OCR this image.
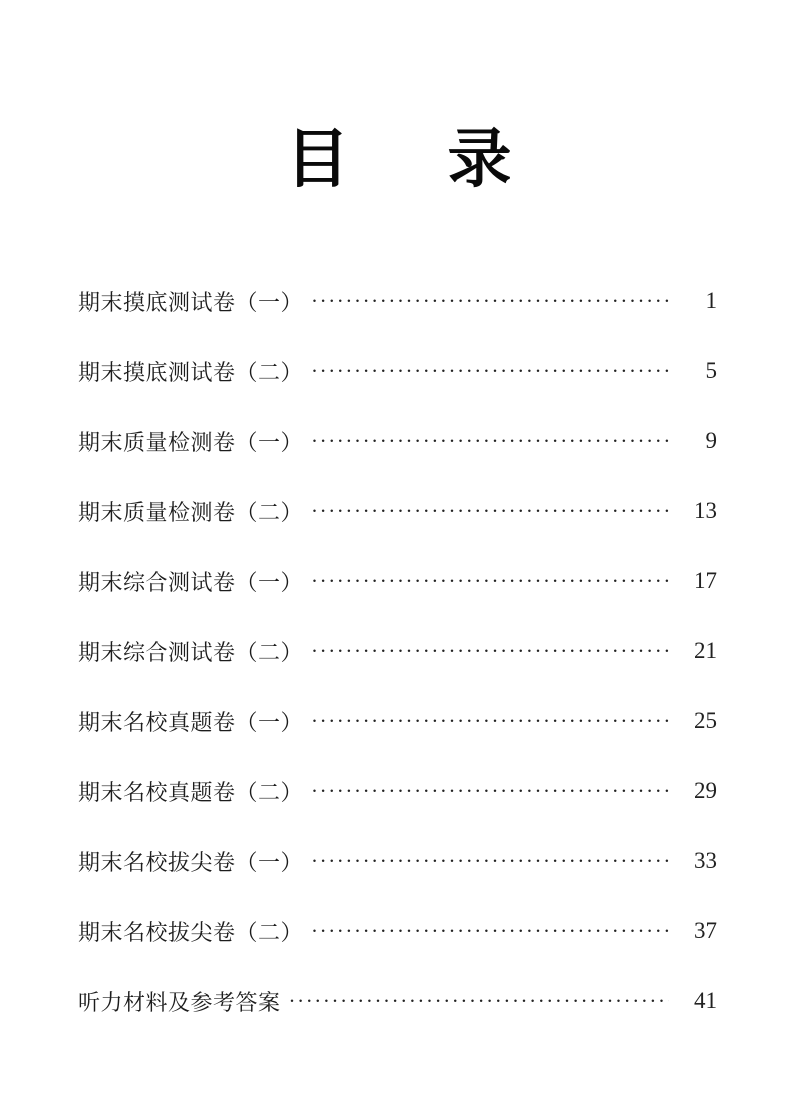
目 录
期末摸底测试卷（一） ·····	1
期末摸底测试卷（二） ·····	5
期末质量检测卷（一） ·····	9
期末质量检测卷（二） ·····	13
期末综合测试卷（一） ·····	17
期末综合测试卷（二） ·····	21
期末名校真题卷（一） ·····	25
期末名校真题卷（二） ·····	29
期末名校拔尖卷（一） ·····	33
期末名校拔尖卷（二） ·····	37
听力材料及参考答案 ·····	41
